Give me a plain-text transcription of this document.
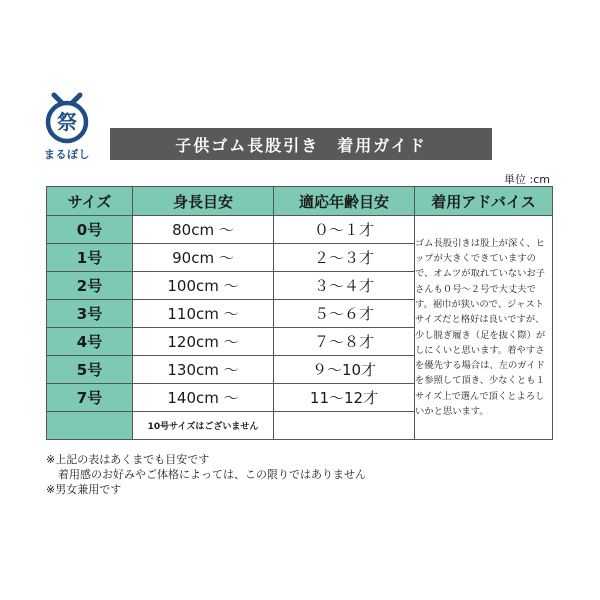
祭
まるぼし	子供ゴム長股引き　着用ガイド
単位 :cm
サイズ	身長目安	適応年齢目安	着用アドバイス
0号	80cm 〜	０〜１才	ゴム長股引きは股上が深く、ヒップが大きくできていますので、オムツが取れていないお子さんも０号〜２号で大丈夫です。裾巾が狭いので、ジャストサイズだと格好は良いですが、少し脱ぎ履き（足を抜く際）がしにくいと思います。着やすさを優先する場合は、左のガイドを参照して頂き、少なくとも１サイズ上で選んで頂くとよろしいかと思います。
1号	90cm 〜	２〜３才	
2号	100cm 〜	３〜４才	
3号	110cm 〜	５〜６才	
4号	120cm 〜	７〜８才	
5号	130cm 〜	９〜10才	
7号	140cm 〜	11〜12才	
	10号サイズはございません		
※上記の表はあくまでも目安です
着用感のお好みやご体格によっては、この限りではありません
※男女兼用です
